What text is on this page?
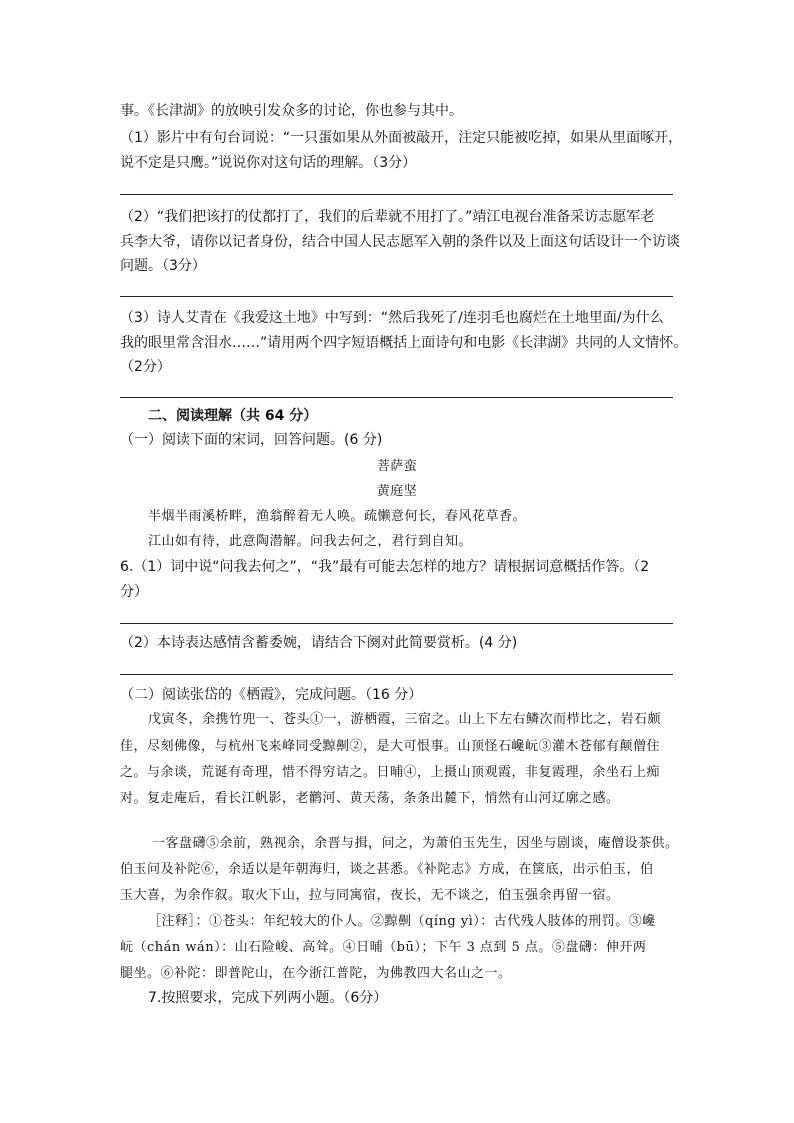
事。《长津湖》的放映引发众多的讨论，你也参与其中。
（1）影片中有句台词说：“一只蛋如果从外面被敲开，注定只能被吃掉，如果从里面啄开，
说不定是只鹰。”说说你对这句话的理解。（3分）
（2）“我们把该打的仗都打了，我们的后辈就不用打了。”靖江电视台准备采访志愿军老
兵李大爷，请你以记者身份，结合中国人民志愿军入朝的条件以及上面这句话设计一个访谈
问题。（3分）
（3）诗人艾青在《我爱这土地》中写到：“然后我死了/连羽毛也腐烂在土地里面/为什么
我的眼里常含泪水……”请用两个四字短语概括上面诗句和电影《长津湖》共同的人文情怀。
（2分）
二、阅读理解（共 64 分）
（一）阅读下面的宋词，回答问题。(6 分)
菩萨蛮
黄庭坚
半烟半雨溪桥畔，渔翁醉着无人唤。疏懒意何长，春风花草香。
江山如有待，此意陶潜解。问我去何之，君行到自知。
6.（1）词中说“问我去何之”，“我”最有可能去怎样的地方？请根据词意概括作答。（2
分）
（2）本诗表达感情含蓄委婉，请结合下阕对此简要赏析。(4 分)
（二）阅读张岱的《栖霞》，完成问题。（16 分）
戊寅冬，余携竹兜一、苍头①一，游栖霞，三宿之。山上下左右鳞次而栉比之，岩石颇
佳，尽刻佛像，与杭州飞来峰同受黥劓②，是大可恨事。山顶怪石巉岏③灌木苍郁有颠僧住
之。与余谈，荒诞有奇理，惜不得穷诘之。日晡④，上摄山顶观霞，非复霞理，余坐石上痴
对。复走庵后，看长江帆影，老鹳河、黄天荡，条条出麓下，悄然有山河辽廓之感。
一客盘礴⑤余前，熟视余，余晋与揖，问之，为萧伯玉先生，因坐与剧谈，庵僧设茶供。
伯玉问及补陀⑥，余适以是年朝海归，谈之甚悉。《补陀志》方成，在箧底，出示伯玉，伯
玉大喜，为余作叙。取火下山，拉与同寓宿，夜长，无不谈之，伯玉强余再留一宿。
［注释］：①苍头：年纪较大的仆人。②黥劓（qíng yì）：古代残人肢体的刑罚。③巉
岏（chán wán）：山石险峻、高耸。④日晡（bū）；下午 3 点到 5 点。⑤盘礴：伸开两
腿坐。⑥补陀：即普陀山，在今浙江普陀，为佛教四大名山之一。
7.按照要求，完成下列两小题。（6分）
